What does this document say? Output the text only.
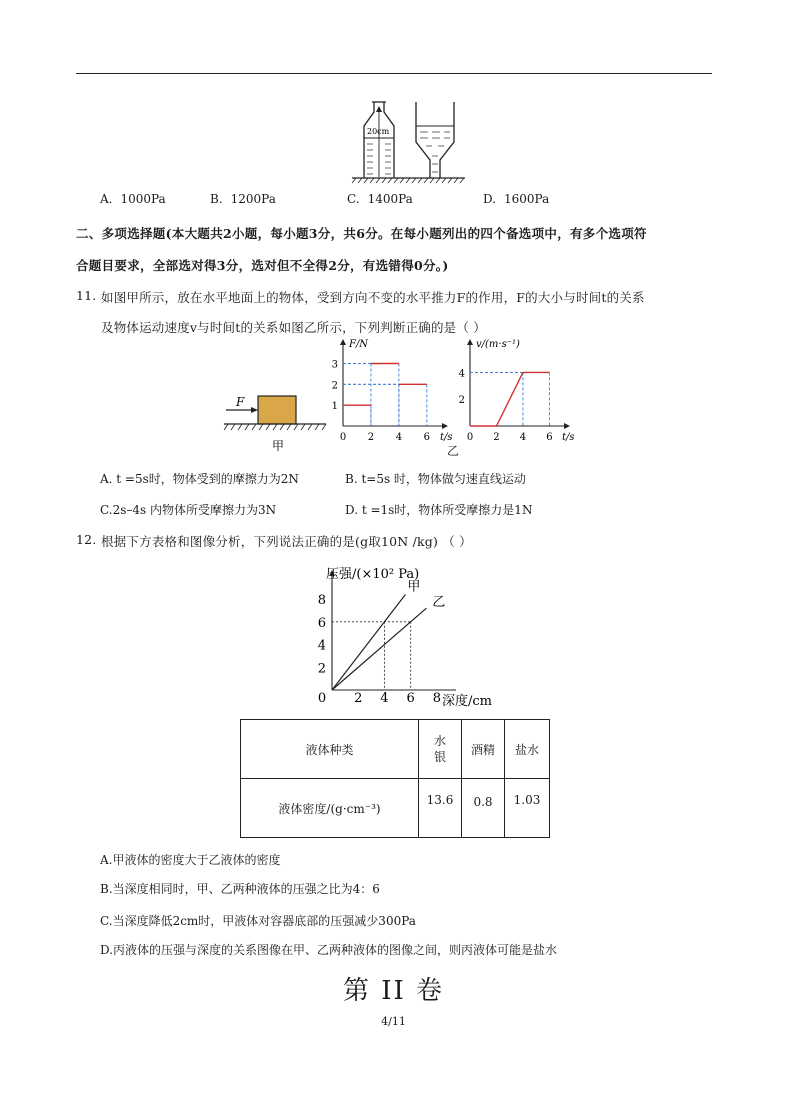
20cm
A. 1000Pa	B. 1200Pa	C. 1400Pa	D. 1600Pa
二、多项选择题(本大题共2小题，每小题3分，共6分。在每小题列出的四个备选项中，有多个选项符
合题目要求，全部选对得3分，选对但不全得2分，有选错得0分。)
11. 如图甲所示，放在水平地面上的物体，受到方向不变的水平推力F的作用，F的大小与时间t的关系
及物体运动速度v与时间t的关系如图乙所示，下列判断正确的是（ ）
F
甲
F/N
t/s
0 2 4 6
1
2
3
v/(m·s⁻¹)
t/s
0 2 4 6
2
4
乙
A. t =5s时，物体受到的摩擦力为2N	B. t=5s 时，物体做匀速直线运动
C.2s–4s 内物体所受摩擦力为3N	D. t =1s时，物体所受摩擦力是1N
12. 根据下方表格和图像分析，下列说法正确的是(g取10N /kg) （ ）
压强/(×10² Pa)
深度/cm
0 2 4 6 8
2
4
6
8
甲
乙
液体种类	水
银	酒精	盐水
液体密度/(g·cm⁻³)	13.6	0.8	1.03
A.甲液体的密度大于乙液体的密度
B.当深度相同时，甲、乙两种液体的压强之比为4：6
C.当深度降低2cm时，甲液体对容器底部的压强减少300Pa
D.丙液体的压强与深度的关系图像在甲、乙两种液体的图像之间，则丙液体可能是盐水
第 II 卷
4/11
